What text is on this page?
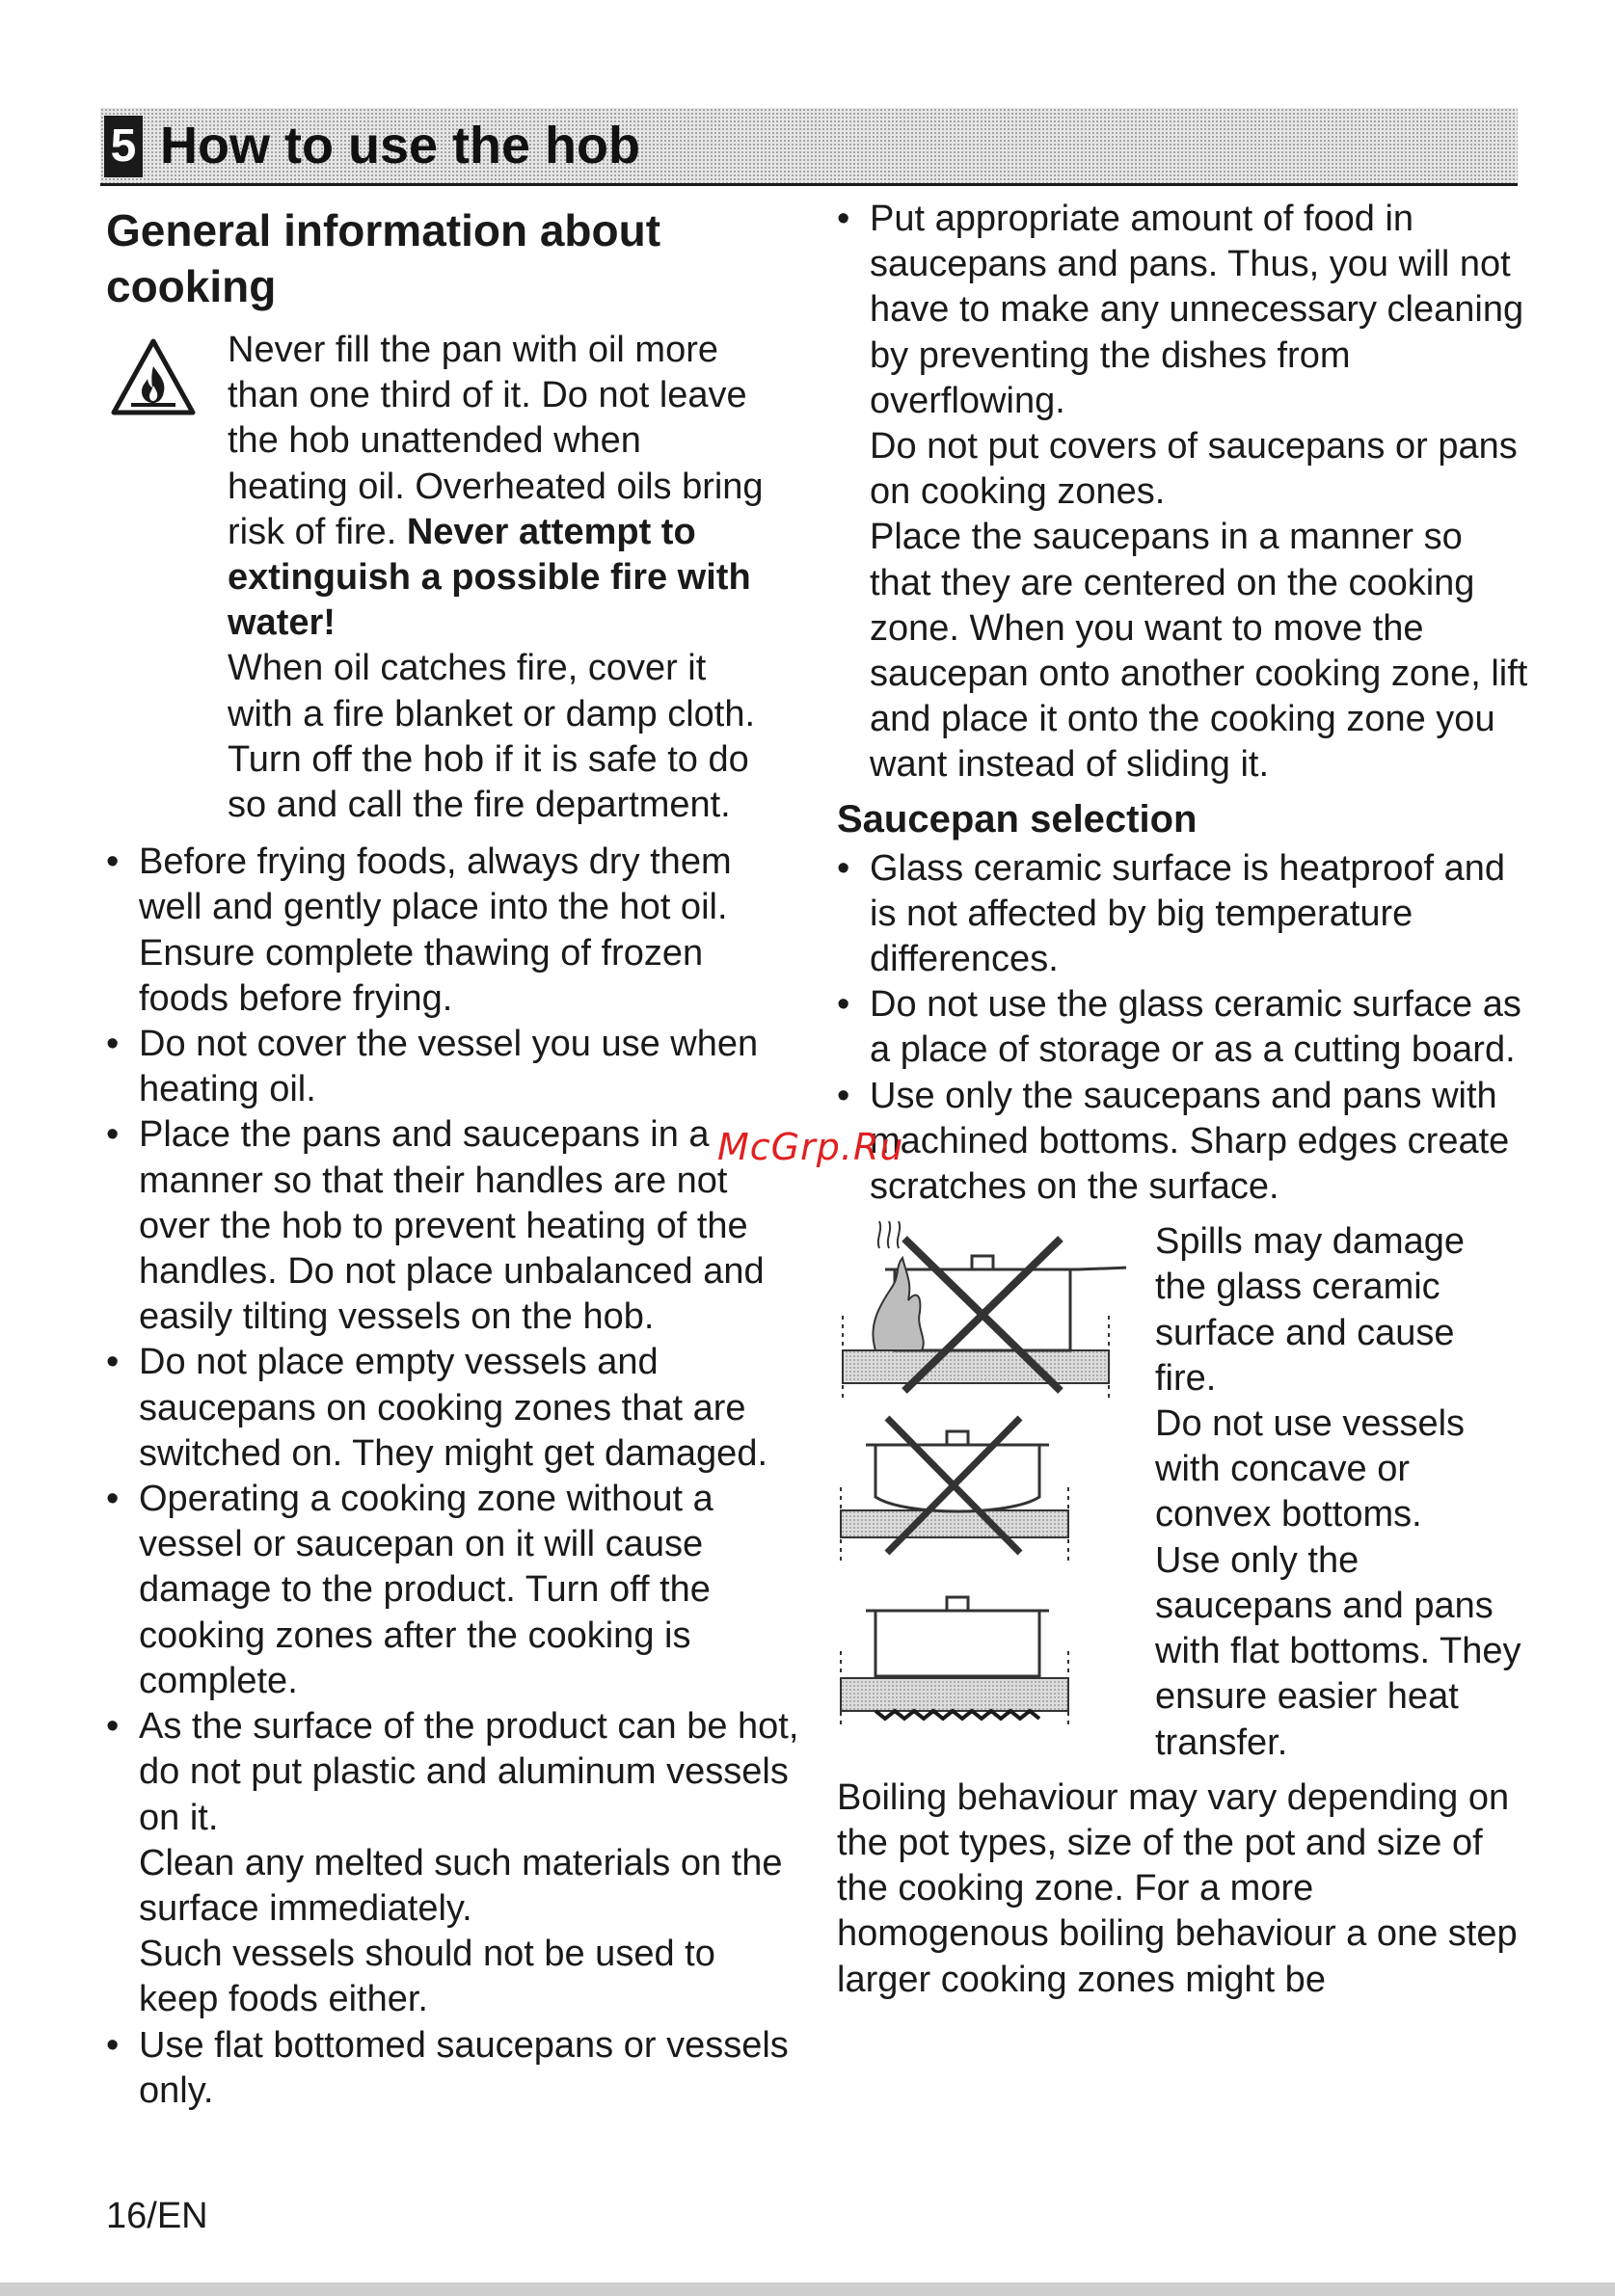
5 How to use the hob
General information about cooking
Never fill the pan with oil more than one third of it. Do not leave the hob unattended when heating oil. Overheated oils bring risk of fire. Never attempt to extinguish a possible fire with water!
When oil catches fire, cover it with a fire blanket or damp cloth. Turn off the hob if it is safe to do so and call the fire department.
• Before frying foods, always dry them well and gently place into the hot oil. Ensure complete thawing of frozen foods before frying.
• Do not cover the vessel you use when heating oil.
• Place the pans and saucepans in a manner so that their handles are not over the hob to prevent heating of the handles. Do not place unbalanced and easily tilting vessels on the hob.
• Do not place empty vessels and saucepans on cooking zones that are switched on. They might get damaged.
• Operating a cooking zone without a vessel or saucepan on it will cause damage to the product. Turn off the cooking zones after the cooking is complete.
• As the surface of the product can be hot, do not put plastic and aluminum vessels on it.
Clean any melted such materials on the surface immediately.
Such vessels should not be used to keep foods either.
• Use flat bottomed saucepans or vessels only.
• Put appropriate amount of food in saucepans and pans. Thus, you will not have to make any unnecessary cleaning by preventing the dishes from overflowing.
Do not put covers of saucepans or pans on cooking zones.
Place the saucepans in a manner so that they are centered on the cooking zone. When you want to move the saucepan onto another cooking zone, lift and place it onto the cooking zone you want instead of sliding it.
Saucepan selection
• Glass ceramic surface is heatproof and is not affected by big temperature differences.
• Do not use the glass ceramic surface as a place of storage or as a cutting board.
• Use only the saucepans and pans with machined bottoms. Sharp edges create scratches on the surface.
Spills may damage the glass ceramic surface and cause fire.
Do not use vessels with concave or convex bottoms.
Use only the saucepans and pans with flat bottoms. They ensure easier heat transfer.
Boiling behaviour may vary depending on the pot types, size of the pot and size of the cooking zone. For a more homogenous boiling behaviour a one step larger cooking zones might be
McGrp.Ru
16/EN
